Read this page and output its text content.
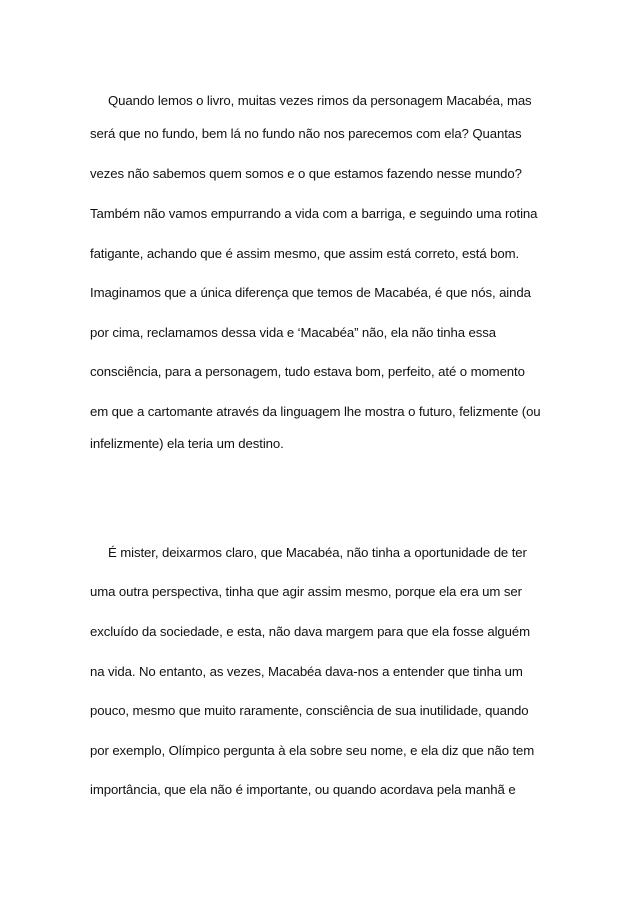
Quando lemos o livro, muitas vezes rimos da personagem Macabéa, mas

será que no fundo, bem lá no fundo não nos parecemos com ela? Quantas

vezes não sabemos quem somos e o que estamos fazendo nesse mundo?

Também não vamos empurrando a vida com a barriga, e seguindo uma rotina

fatigante, achando que é assim mesmo, que assim está correto, está bom.

Imaginamos que a única diferença que temos de Macabéa, é que nós, ainda

por cima, reclamamos dessa vida e ‘Macabéa” não, ela não tinha essa

consciência, para a personagem, tudo estava bom, perfeito, até o momento

em que a cartomante através da linguagem lhe mostra o futuro, felizmente (ou

infelizmente) ela teria um destino.

É mister, deixarmos claro, que Macabéa, não tinha a oportunidade de ter

uma outra perspectiva, tinha que agir assim mesmo, porque ela era um ser

excluído da sociedade, e esta, não dava margem para que ela fosse alguém

na vida. No entanto, as vezes, Macabéa dava-nos a entender que tinha um

pouco, mesmo que muito raramente, consciência de sua inutilidade, quando

por exemplo, Olímpico pergunta à ela sobre seu nome, e ela diz que não tem

importância, que ela não é importante, ou quando acordava pela manhã e
